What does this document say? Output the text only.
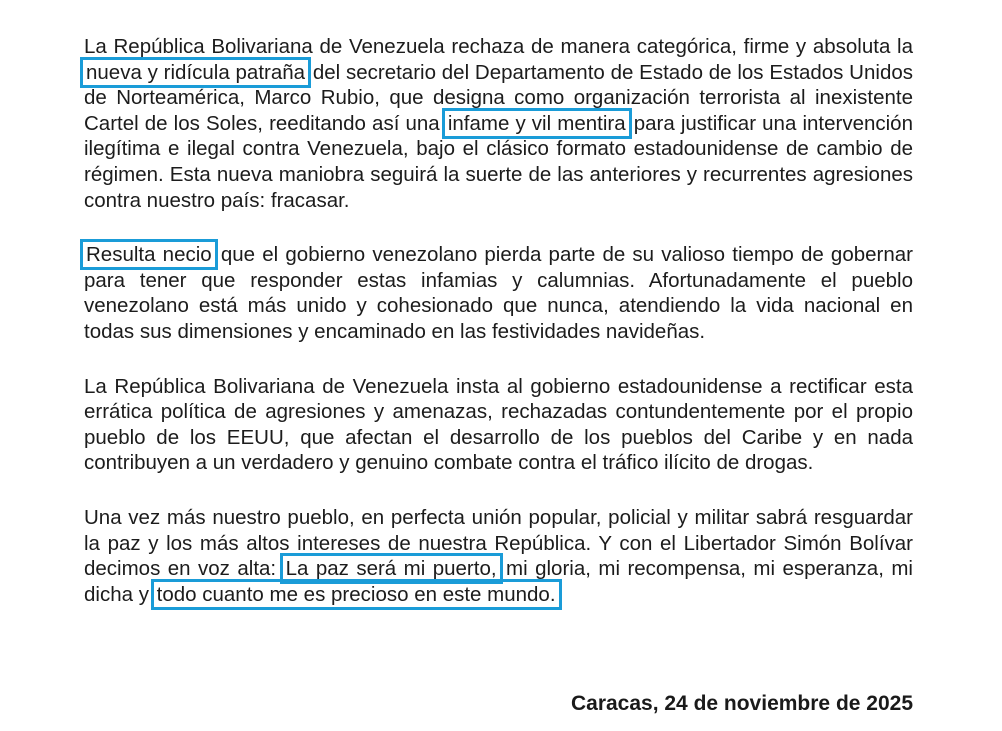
La República Bolivariana de Venezuela rechaza de manera categórica, firme y absoluta la nueva y ridícula patraña del secretario del Departamento de Estado de los Estados Unidos de Norteamérica, Marco Rubio, que designa como organización terrorista al inexistente Cartel de los Soles, reeditando así una infame y vil mentira para justificar una intervención ilegítima e ilegal contra Venezuela, bajo el clásico formato estadounidense de cambio de régimen. Esta nueva maniobra seguirá la suerte de las anteriores y recurrentes agresiones contra nuestro país: fracasar.

Resulta necio que el gobierno venezolano pierda parte de su valioso tiempo de gobernar para tener que responder estas infamias y calumnias. Afortunadamente el pueblo venezolano está más unido y cohesionado que nunca, atendiendo la vida nacional en todas sus dimensiones y encaminado en las festividades navideñas.

La República Bolivariana de Venezuela insta al gobierno estadounidense a rectificar esta errática política de agresiones y amenazas, rechazadas contundentemente por el propio pueblo de los EEUU, que afectan el desarrollo de los pueblos del Caribe y en nada contribuyen a un verdadero y genuino combate contra el tráfico ilícito de drogas.

Una vez más nuestro pueblo, en perfecta unión popular, policial y militar sabrá resguardar la paz y los más altos intereses de nuestra República. Y con el Libertador Simón Bolívar decimos en voz alta: La paz será mi puerto, mi gloria, mi recompensa, mi esperanza, mi dicha y todo cuanto me es precioso en este mundo.

Caracas, 24 de noviembre de 2025
